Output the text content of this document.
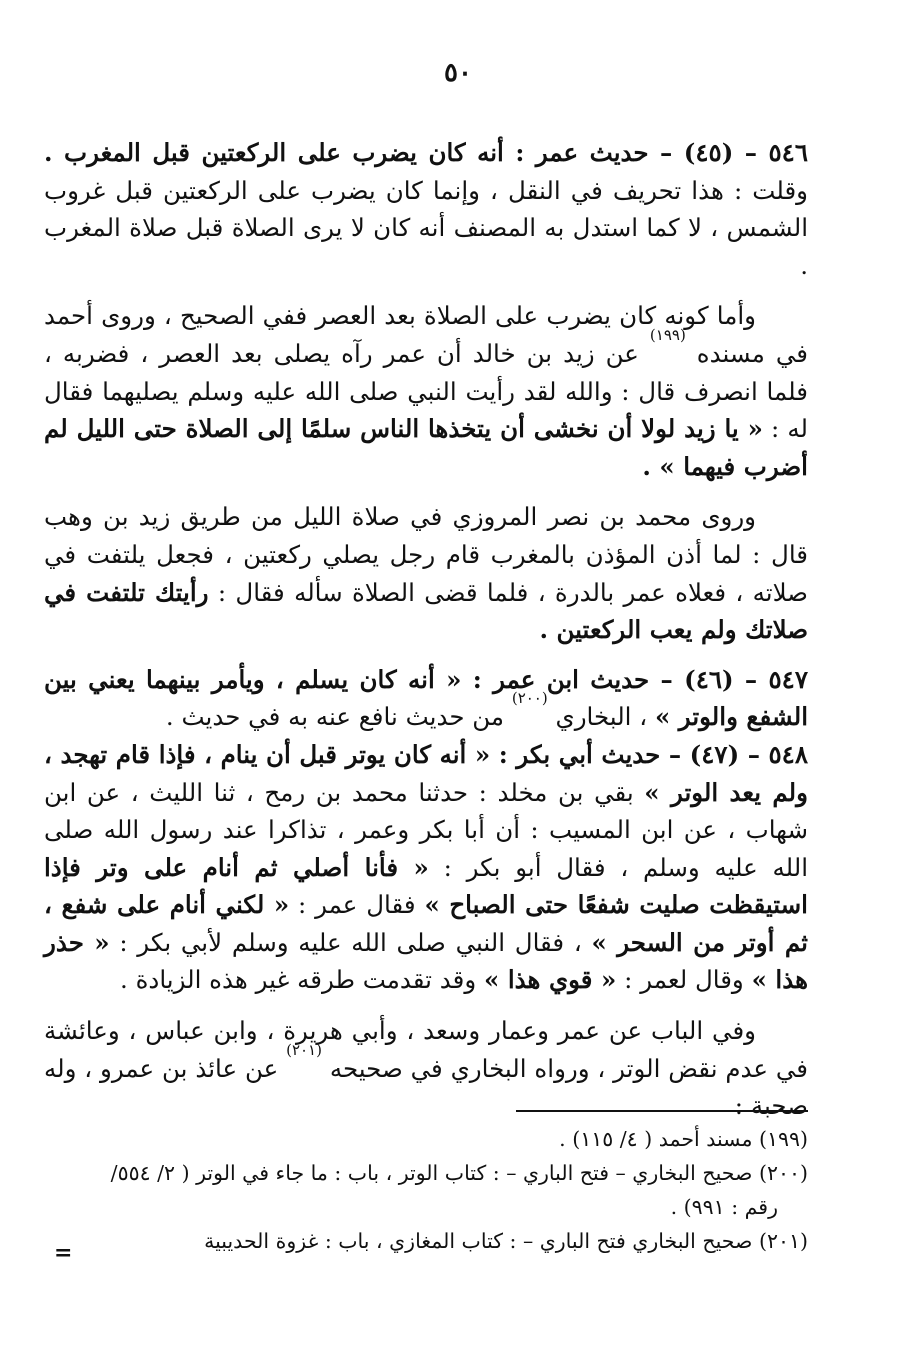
٥٠

٥٤٦ – (٤٥) – حديث عمر : أنه كان يضرب على الركعتين قبل المغرب . وقلت : هذا تحريف في النقل ، وإنما كان يضرب على الركعتين قبل غروب الشمس ، لا كما استدل به المصنف أنه كان لا يرى الصلاة قبل صلاة المغرب .

وأما كونه كان يضرب على الصلاة بعد العصر ففي الصحيح ، وروى أحمد في مسنده $^{(١٩٩)}$ عن زيد بن خالد أن عمر رآه يصلى بعد العصر ، فضربه ، فلما انصرف قال : والله لقد رأيت النبي صلى الله عليه وسلم يصليهما فقال له : « يا زيد لولا أن نخشى أن يتخذها الناس سلمًا إلى الصلاة حتى الليل لم أضرب فيهما » .

وروى محمد بن نصر المروزي في صلاة الليل من طريق زيد بن وهب قال : لما أذن المؤذن بالمغرب قام رجل يصلي ركعتين ، فجعل يلتفت في صلاته ، فعلاه عمر بالدرة ، فلما قضى الصلاة سأله فقال : رأيتك تلتفت في صلاتك ولم يعب الركعتين .

٥٤٧ – (٤٦) – حديث ابن عمر : « أنه كان يسلم ، ويأمر بينهما يعني بين الشفع والوتر » ، البخاري $^{(٢٠٠)}$ من حديث نافع عنه به في حديث .

٥٤٨ – (٤٧) – حديث أبي بكر : « أنه كان يوتر قبل أن ينام ، فإذا قام تهجد ، ولم يعد الوتر » بقي بن مخلد : حدثنا محمد بن رمح ، ثنا الليث ، عن ابن شهاب ، عن ابن المسيب : أن أبا بكر وعمر ، تذاكرا عند رسول الله صلى الله عليه وسلم ، فقال أبو بكر : « فأنا أصلي ثم أنام على وتر فإذا استيقظت صليت شفعًا حتى الصباح » فقال عمر : « لكني أنام على شفع ، ثم أوتر من السحر » ، فقال النبي صلى الله عليه وسلم لأبي بكر : « حذر هذا » وقال لعمر : « قوي هذا » وقد تقدمت طرقه غير هذه الزيادة .

وفي الباب عن عمر وعمار وسعد ، وأبي هريرة ، وابن عباس ، وعائشة في عدم نقض الوتر ، ورواه البخاري في صحيحه $^{(٢٠١)}$ عن عائذ بن عمرو ، وله صحبة :

(١٩٩) مسند أحمد ( ٤/ ١١٥) .

(٢٠٠) صحيح البخاري – فتح الباري – : كتاب الوتر ، باب : ما جاء في الوتر ( ٢/ ٥٥٤/

رقم : ٩٩١) .

(٢٠١) صحيح البخاري فتح الباري – : كتاب المغازي ، باب : غزوة الحديبية

=
